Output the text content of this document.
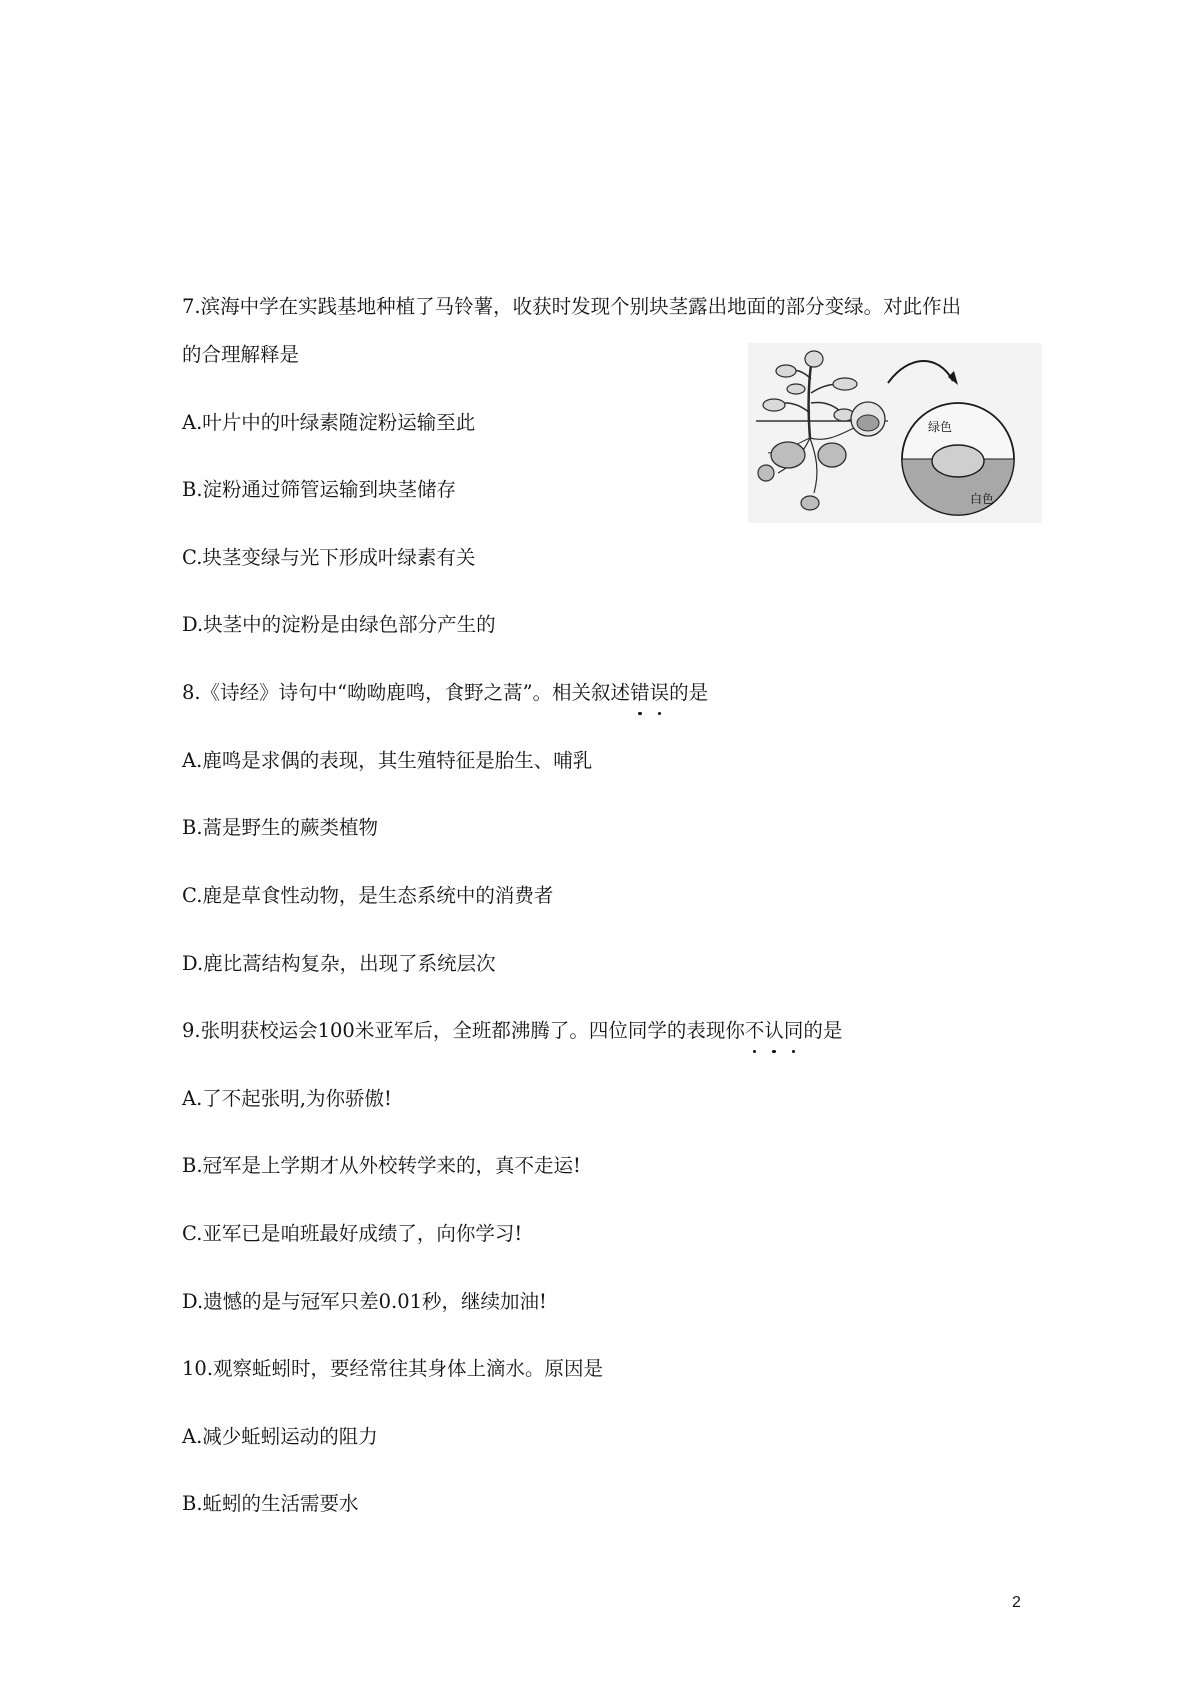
7.滨海中学在实践基地种植了马铃薯，收获时发现个别块茎露出地面的部分变绿。对此作出
的合理解释是
A.叶片中的叶绿素随淀粉运输至此
B.淀粉通过筛管运输到块茎储存
C.块茎变绿与光下形成叶绿素有关
D.块茎中的淀粉是由绿色部分产生的
绿色
白色
8.《诗经》诗句中“呦呦鹿鸣，食野之蒿”。相关叙述错误的是
A.鹿鸣是求偶的表现，其生殖特征是胎生、哺乳
B.蒿是野生的蕨类植物
C.鹿是草食性动物，是生态系统中的消费者
D.鹿比蒿结构复杂，出现了系统层次
9.张明获校运会100米亚军后，全班都沸腾了。四位同学的表现你不认同的是
A.了不起张明,为你骄傲!
B.冠军是上学期才从外校转学来的，真不走运!
C.亚军已是咱班最好成绩了，向你学习!
D.遗憾的是与冠军只差0.01秒，继续加油!
10.观察蚯蚓时，要经常往其身体上滴水。原因是
A.减少蚯蚓运动的阻力
B.蚯蚓的生活需要水
2
